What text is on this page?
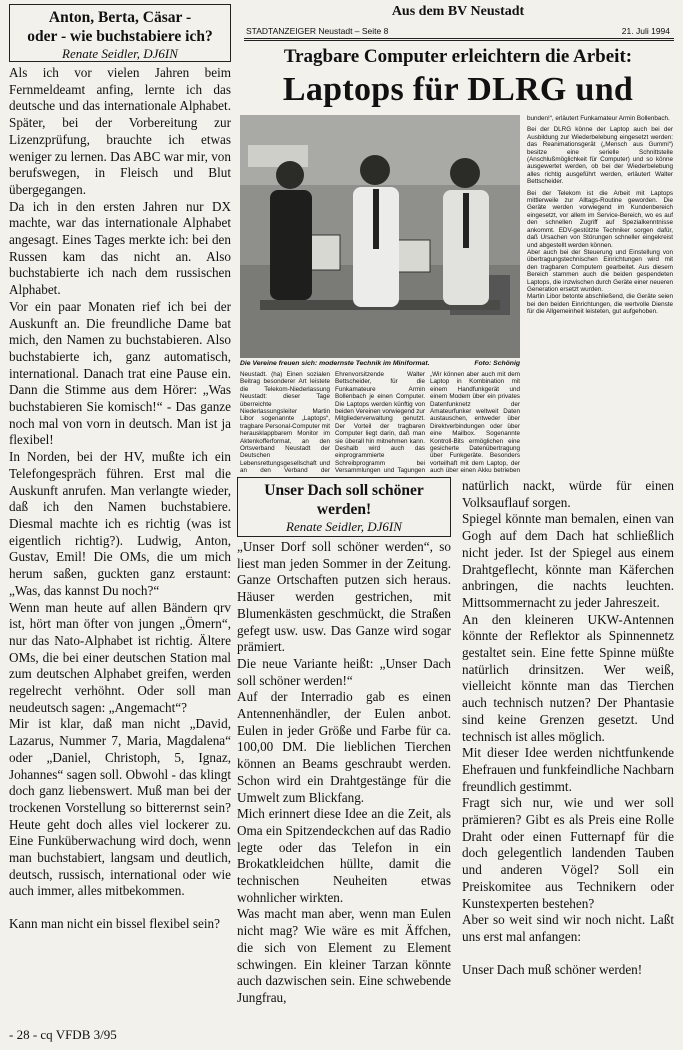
Anton, Berta, Cäsar -
oder - wie buchstabiere ich?
Renate Seidler, DJ6IN

Als ich vor vielen Jahren beim Fernmeldeamt anfing, lernte ich das deutsche und das internationale Alphabet. Später, bei der Vorbereitung zur Lizenzprüfung, brauchte ich etwas weniger zu lernen. Das ABC war mir, von berufswegen, in Fleisch und Blut übergegangen.

Da ich in den ersten Jahren nur DX machte, war das internationale Alphabet angesagt. Eines Tages merkte ich: bei den Russen kam das nicht an. Also buchstabierte ich nach dem russischen Alphabet.

Vor ein paar Monaten rief ich bei der Auskunft an. Die freundliche Dame bat mich, den Namen zu buchstabieren. Also buchstabierte ich, ganz automatisch, international. Danach trat eine Pause ein. Dann die Stimme aus dem Hörer: „Was buchstabieren Sie komisch!“ - Das ganze noch mal von vorn in deutsch. Man ist ja flexibel!

In Norden, bei der HV, mußte ich ein Telefongespräch führen. Erst mal die Auskunft anrufen. Man verlangte wieder, daß ich den Namen buchstabiere. Diesmal machte ich es richtig (was ist eigentlich richtig?). Ludwig, Anton, Gustav, Emil! Die OMs, die um mich herum saßen, guckten ganz erstaunt: „Was, das kannst Du noch?“

Wenn man heute auf allen Bändern qrv ist, hört man öfter von jungen „Ömern“, nur das Nato-Alphabet ist richtig. Ältere OMs, die bei einer deutschen Station mal zum deutschen Alphabet greifen, werden regelrecht verhöhnt. Oder soll man neudeutsch sagen: „Angemacht“?

Mir ist klar, daß man nicht „David, Lazarus, Nummer 7, Maria, Magdalena“ oder „Daniel, Christoph, 5, Ignaz, Johannes“ sagen soll. Obwohl - das klingt doch ganz liebenswert. Muß man bei der trockenen Vorstellung so bitterernst sein? Heute geht doch alles viel lockerer zu. Eine Funküberwachung wird doch, wenn man buchstabiert, langsam und deutlich, deutsch, russisch, international oder wie auch immer, alles mitbekommen.

Kann man nicht ein bissel flexibel sein?

Aus dem BV Neustadt
STADTANZEIGER Neustadt – Seite 8	21. Juli 1994
Tragbare Computer erleichtern die Arbeit:
Laptops für DLRG und
Die Vereine freuen sich: modernste Technik im Miniformat.	Foto: Schönig

bunden!“, erläutert Funkamateur Armin Bollenbach.

Bei der DLRG könne der Laptop auch bei der Ausbildung zur Wiederbelebung eingesetzt werden: das Reanimationsgerät („Mensch aus Gummi“) besitze eine serielle Schnittstelle (Anschlußmöglichkeit für Computer) und so könne ausgewertet werden, ob bei der Wiederbelebung alles richtig ausgeführt werden, erläutert Walter Bettscheider.

Bei der Telekom ist die Arbeit mit Laptops mittlerweile zur Alltags-Routine geworden. Die Geräte werden vorwiegend im Kundenbereich eingesetzt, vor allem im Service-Bereich, wo es auf den schnellen Zugriff auf Spezialkenntnisse ankommt. EDV-gestützte Techniker sorgen dafür, daß Ursachen von Störungen schneller eingekreist und abgestellt werden können.

Aber auch bei der Steuerung und Einstellung von übertragungstechnischen Einrichtungen wird mit den tragbaren Computern gearbeitet. Aus diesem Bereich stammen auch die beiden gespendeten Laptops, die inzwischen durch Geräte einer neueren Generation ersetzt wurden.

Martin Libor betonte abschließend, die Geräte seien bei den beiden Einrichtungen, die wertvolle Dienste für die Allgemeinheit leisteten, gut aufgehoben.

Neustadt. (ha) Einen sozialen Beitrag besonderer Art leistete die Telekom-Niederlassung Neustadt: dieser Tage überreichte Niederlassungsleiter Martin Libor sogenannte „Laptops“, tragbare Personal-Computer mit herausklappbarem Monitor im Aktenkofferformat, an den Ortsverband Neustadt der Deutschen Lebensrettungsgesellschaft und an den Verband der
Ehrenvorsitzende Walter Bettscheider, für die Funkamateure Armin Bollenbach je einen Computer. Die Laptops werden künftig von beiden Vereinen vorwiegend zur Mitgliederverwaltung genutzt. Der Vorteil der tragbaren Computer liegt darin, daß man sie überall hin mitnehmen kann. Deshalb wird auch das einprogrammierte Schreibprogramm bei Versammlungen und Tagungen
„Wir können aber auch mit dem Laptop in Kombination mit einem Handfunkgerät und einem Modem über ein privates Datenfunknetz der Amateurfunker weltweit Daten austauschen, entweder über Direktverbindungen oder über eine Mailbox. Sogenannte Kontroll-Bits ermöglichen eine gesicherte Datenübertragung über Funkgeräte. Besonders vorteilhaft mit dem Laptop, der auch über einen Akku betrieben
Unser Dach soll schöner
werden!
Renate Seidler, DJ6IN

„Unser Dorf soll schöner werden“, so liest man jeden Sommer in der Zeitung. Ganze Ortschaften putzen sich heraus. Häuser werden gestrichen, mit Blumenkästen geschmückt, die Straßen gefegt usw. usw. Das Ganze wird sogar prämiert.

Die neue Variante heißt: „Unser Dach soll schöner werden!“

Auf der Interradio gab es einen Antennenhändler, der Eulen anbot. Eulen in jeder Größe und Farbe für ca. 100,00 DM. Die lieblichen Tierchen können an Beams geschraubt werden. Schon wird ein Drahtgestänge für die Umwelt zum Blickfang.

Mich erinnert diese Idee an die Zeit, als Oma ein Spitzendeckchen auf das Radio legte oder das Telefon in ein Brokatkleidchen hüllte, damit die technischen Neuheiten etwas wohnlicher wirkten.

Was macht man aber, wenn man Eulen nicht mag? Wie wäre es mit Äffchen, die sich von Element zu Element schwingen. Ein kleiner Tarzan könnte auch dazwischen sein. Eine schwebende Jungfrau,

natürlich nackt, würde für einen Volksauflauf sorgen.

Spiegel könnte man bemalen, einen van Gogh auf dem Dach hat schließlich nicht jeder. Ist der Spiegel aus einem Drahtgeflecht, könnte man Käferchen anbringen, die nachts leuchten. Mittsommernacht zu jeder Jahreszeit.

An den kleineren UKW-Antennen könnte der Reflektor als Spinnennetz gestaltet sein. Eine fette Spinne müßte natürlich drinsitzen. Wer weiß, vielleicht könnte man das Tierchen auch technisch nutzen? Der Phantasie sind keine Grenzen gesetzt. Und technisch ist alles möglich.

Mit dieser Idee werden nichtfunkende Ehefrauen und funkfeindliche Nachbarn freundlich gestimmt.

Fragt sich nur, wie und wer soll prämieren? Gibt es als Preis eine Rolle Draht oder einen Futternapf für die doch gelegentlich landenden Tauben und anderen Vögel? Soll ein Preiskomitee aus Technikern oder Kunstexperten bestehen?

Aber so weit sind wir noch nicht. Laßt uns erst mal anfangen:

Unser Dach muß schöner werden!

- 28 - cq VFDB 3/95
